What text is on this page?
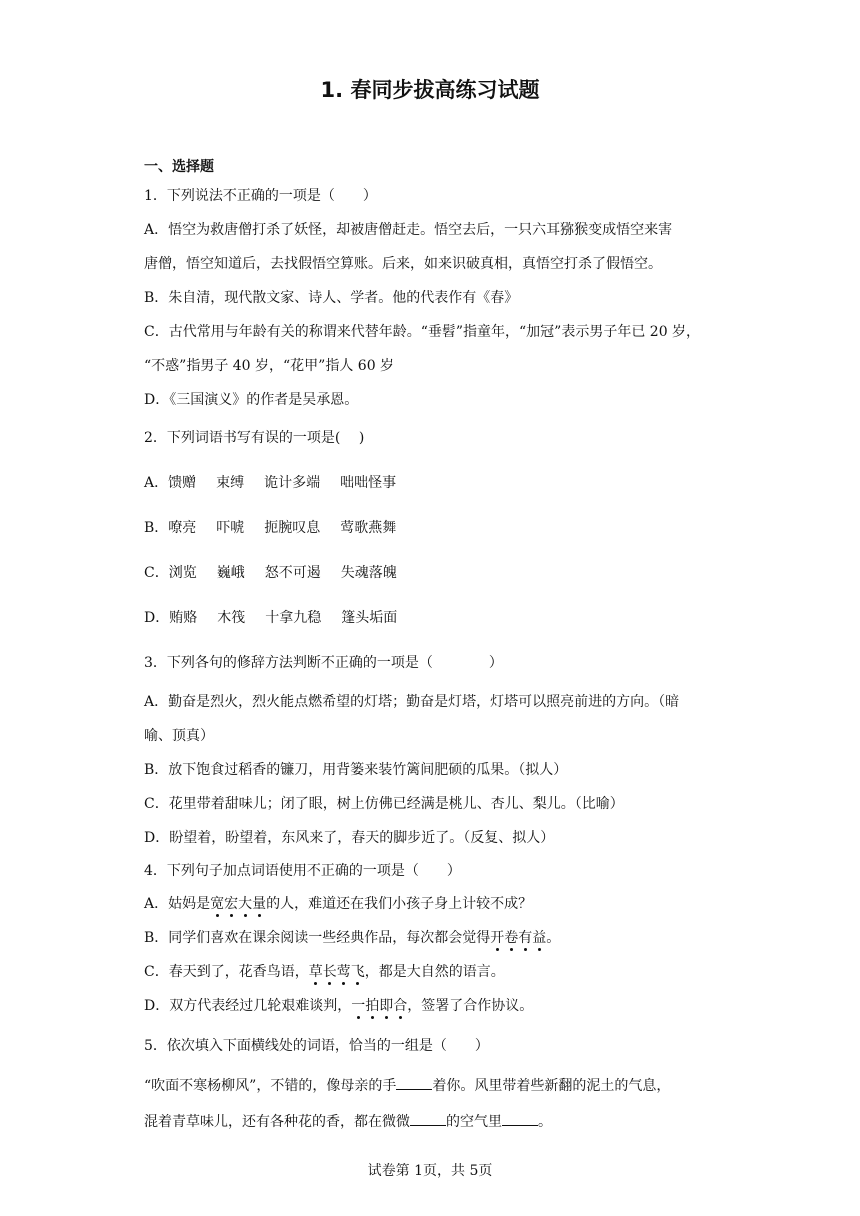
1. 春同步拔高练习试题
一、选择题
1．下列说法不正确的一项是（　　）
A．悟空为救唐僧打杀了妖怪，却被唐僧赶走。悟空去后，一只六耳猕猴变成悟空来害
唐僧，悟空知道后，去找假悟空算账。后来，如来识破真相，真悟空打杀了假悟空。
B．朱自清，现代散文家、诗人、学者。他的代表作有《春》
C．古代常用与年龄有关的称谓来代替年龄。“垂髫”指童年，“加冠”表示男子年已 20 岁，
“不惑”指男子 40 岁，“花甲”指人 60 岁
D．《三国演义》的作者是吴承恩。
2．下列词语书写有误的一项是(　 )
A．馈赠 束缚 诡计多端 咄咄怪事
B．嘹亮 吓唬 扼腕叹息 莺歌燕舞
C．浏览 巍峨 怒不可遏 失魂落魄
D．贿赂 木筏 十拿九稳 篷头垢面
3．下列各句的修辞方法判断不正确的一项是（　　　　）
A．勤奋是烈火，烈火能点燃希望的灯塔；勤奋是灯塔，灯塔可以照亮前进的方向。（暗
喻、顶真）
B．放下饱食过稻香的镰刀，用背篓来装竹篱间肥硕的瓜果。（拟人）
C．花里带着甜味儿；闭了眼，树上仿佛已经满是桃儿、杏儿、梨儿。（比喻）
D．盼望着，盼望着，东风来了，春天的脚步近了。（反复、拟人）
4．下列句子加点词语使用不正确的一项是（　　）
A．姑妈是宽宏大量的人，难道还在我们小孩子身上计较不成？
B．同学们喜欢在课余阅读一些经典作品，每次都会觉得开卷有益。
C．春天到了，花香鸟语，草长莺飞，都是大自然的语言。
D．双方代表经过几轮艰难谈判，一拍即合，签署了合作协议。
5．依次填入下面横线处的词语，恰当的一组是（　　）
“吹面不寒杨柳风”，不错的，像母亲的手	着你。风里带着些新翻的泥土的气息，
混着青草味儿，还有各种花的香，都在微微	的空气里	。
试卷第 1页，共 5页
